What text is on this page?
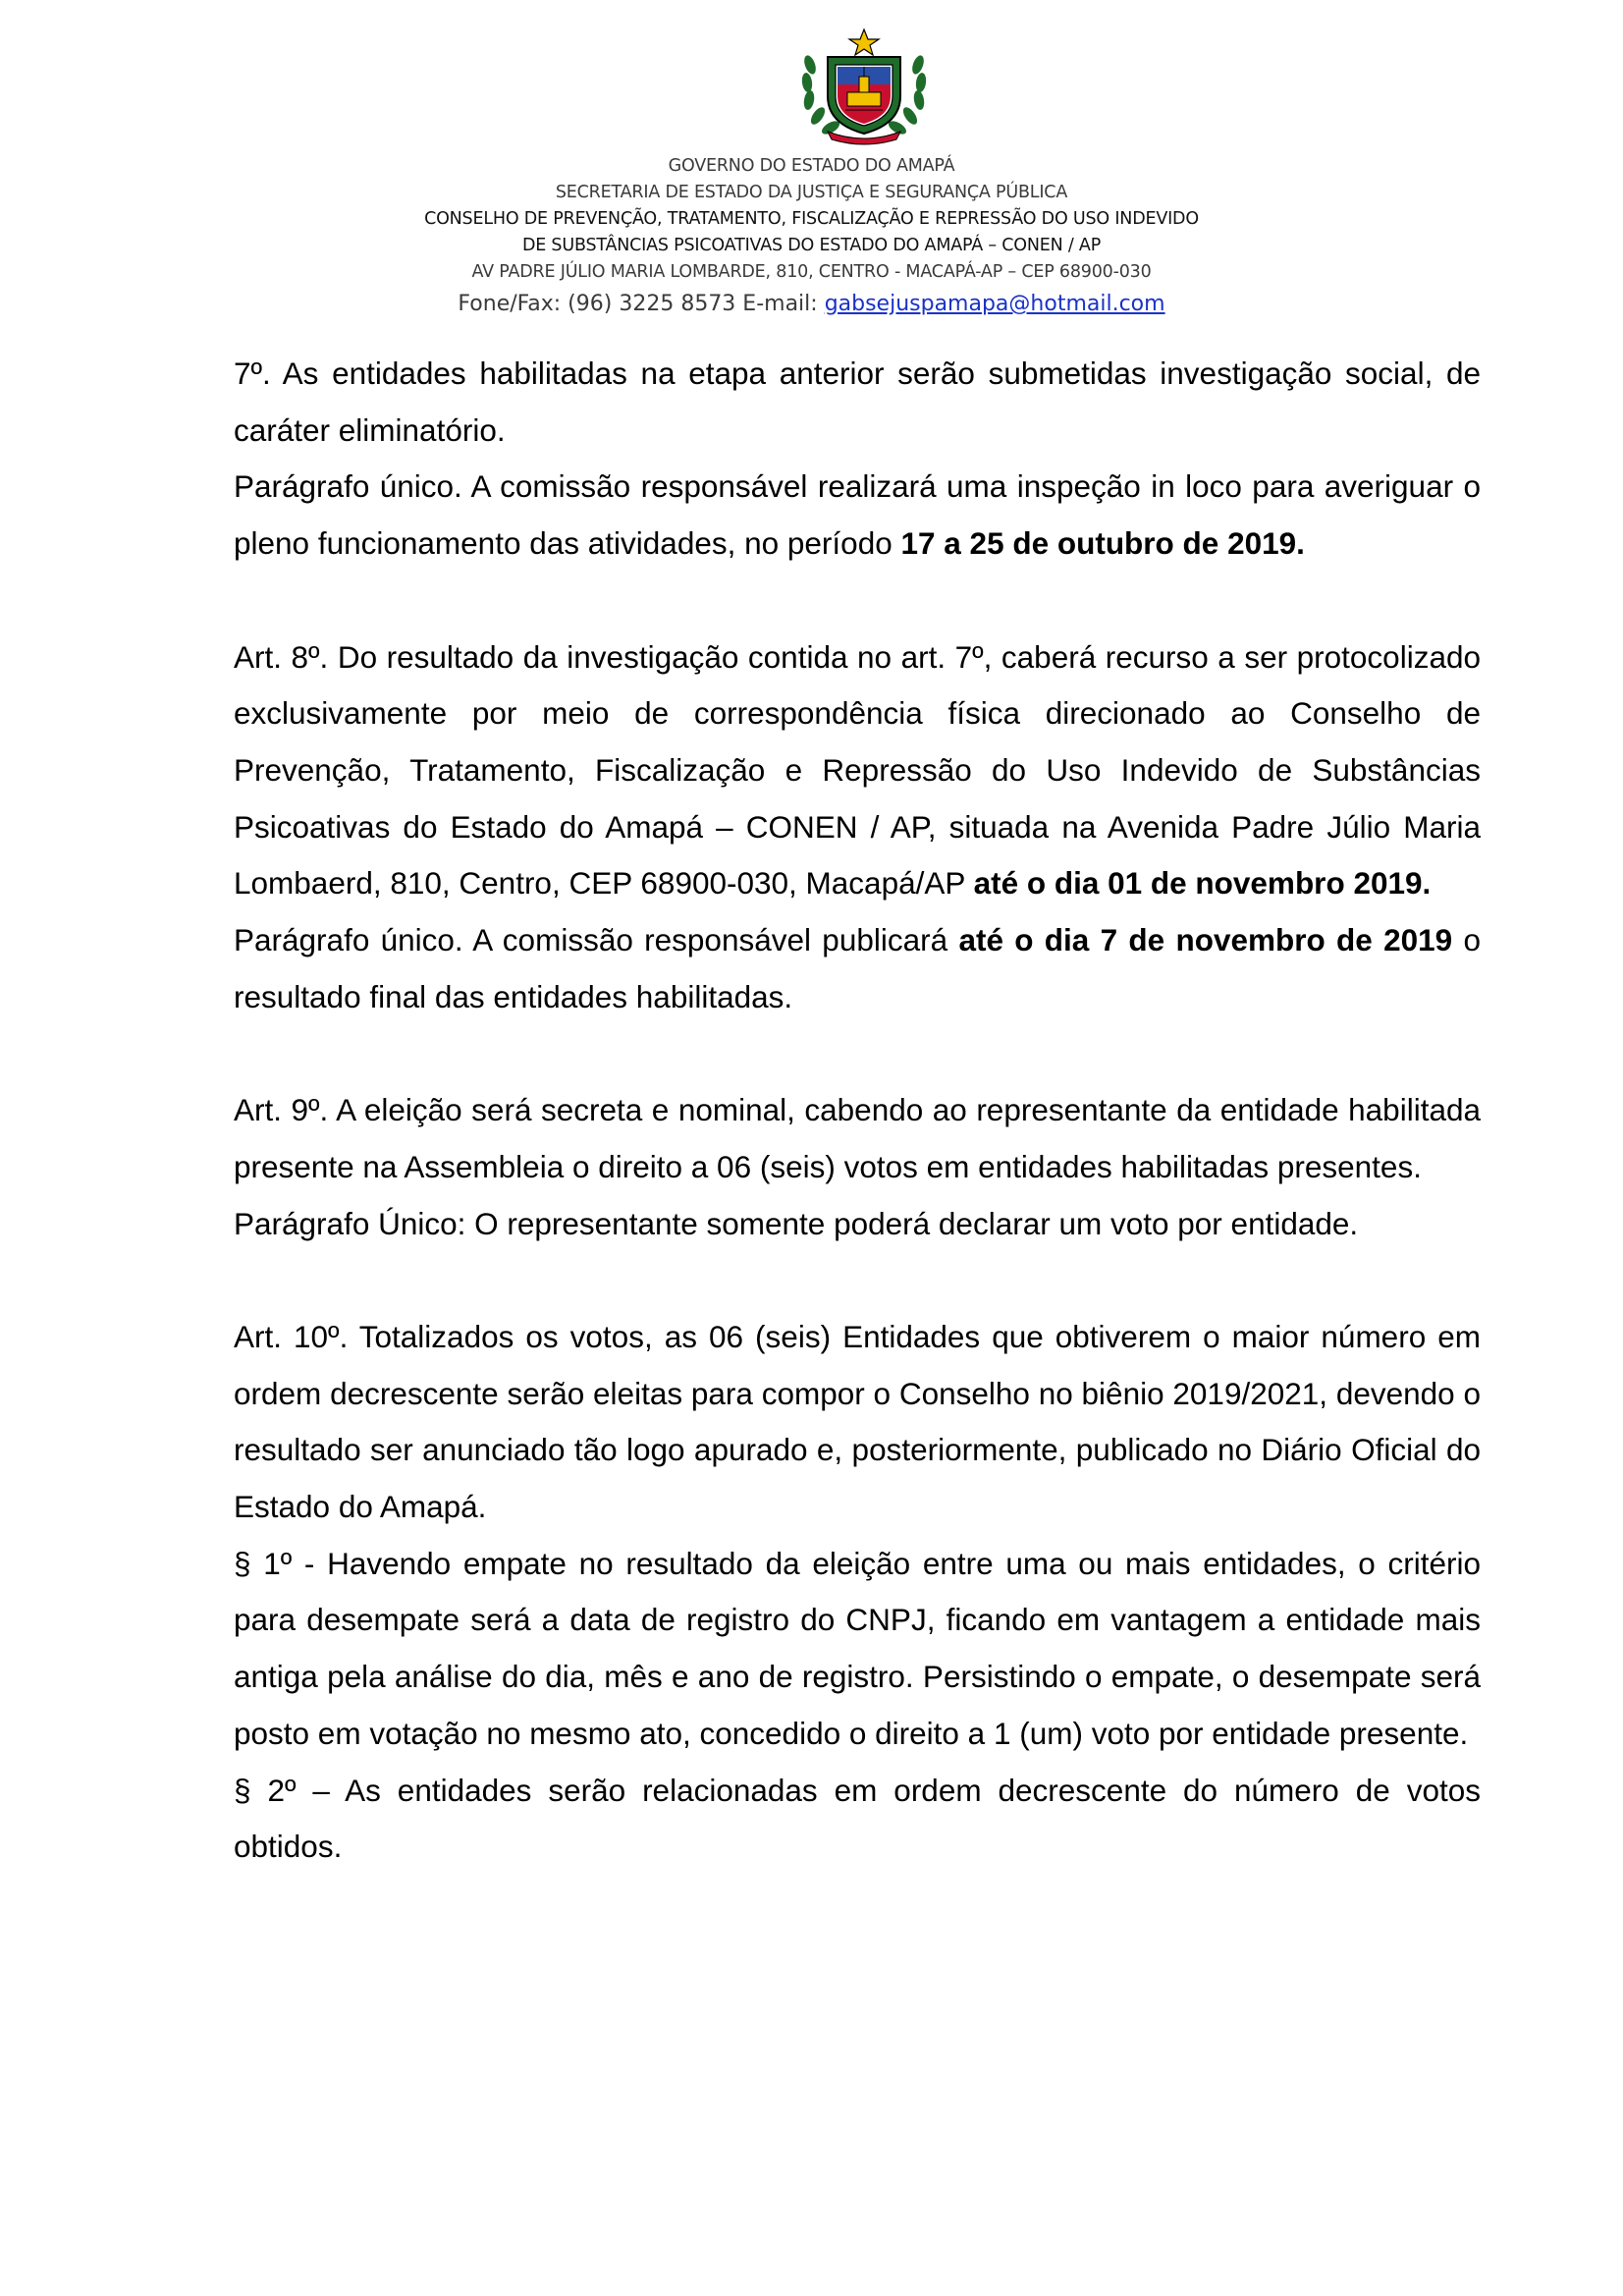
GOVERNO DO ESTADO DO AMAPÁ
SECRETARIA DE ESTADO DA JUSTIÇA E SEGURANÇA PÚBLICA
CONSELHO DE PREVENÇÃO, TRATAMENTO, FISCALIZAÇÃO E REPRESSÃO DO USO INDEVIDO
DE SUBSTÂNCIAS PSICOATIVAS DO ESTADO DO AMAPÁ – CONEN / AP
AV PADRE JÚLIO MARIA LOMBARDE, 810, CENTRO - MACAPÁ-AP – CEP 68900-030
Fone/Fax: (96) 3225 8573 E-mail: gabsejuspamapa@hotmail.com

7º. As entidades habilitadas na etapa anterior serão submetidas investigação social, de caráter eliminatório.

Parágrafo único. A comissão responsável realizará uma inspeção in loco para averiguar o pleno funcionamento das atividades, no período 17 a 25 de outubro de 2019.

Art. 8º. Do resultado da investigação contida no art. 7º, caberá recurso a ser protocolizado exclusivamente por meio de correspondência física direcionado ao Conselho de Prevenção, Tratamento, Fiscalização e Repressão do Uso Indevido de Substâncias Psicoativas do Estado do Amapá – CONEN / AP, situada na Avenida Padre Júlio Maria Lombaerd, 810, Centro, CEP 68900-030, Macapá/AP até o dia 01 de novembro 2019.

Parágrafo único. A comissão responsável publicará até o dia 7 de novembro de 2019 o resultado final das entidades habilitadas.

Art. 9º. A eleição será secreta e nominal, cabendo ao representante da entidade habilitada presente na Assembleia o direito a 06 (seis) votos em entidades habilitadas presentes.

Parágrafo Único: O representante somente poderá declarar um voto por entidade.

Art. 10º. Totalizados os votos, as 06 (seis) Entidades que obtiverem o maior número em ordem decrescente serão eleitas para compor o Conselho no biênio 2019/2021, devendo o resultado ser anunciado tão logo apurado e, posteriormente, publicado no Diário Oficial do Estado do Amapá.

§ 1º - Havendo empate no resultado da eleição entre uma ou mais entidades, o critério para desempate será a data de registro do CNPJ, ficando em vantagem a entidade mais antiga pela análise do dia, mês e ano de registro. Persistindo o empate, o desempate será posto em votação no mesmo ato, concedido o direito a 1 (um) voto por entidade presente.

§ 2º – As entidades serão relacionadas em ordem decrescente do número de votos obtidos.
